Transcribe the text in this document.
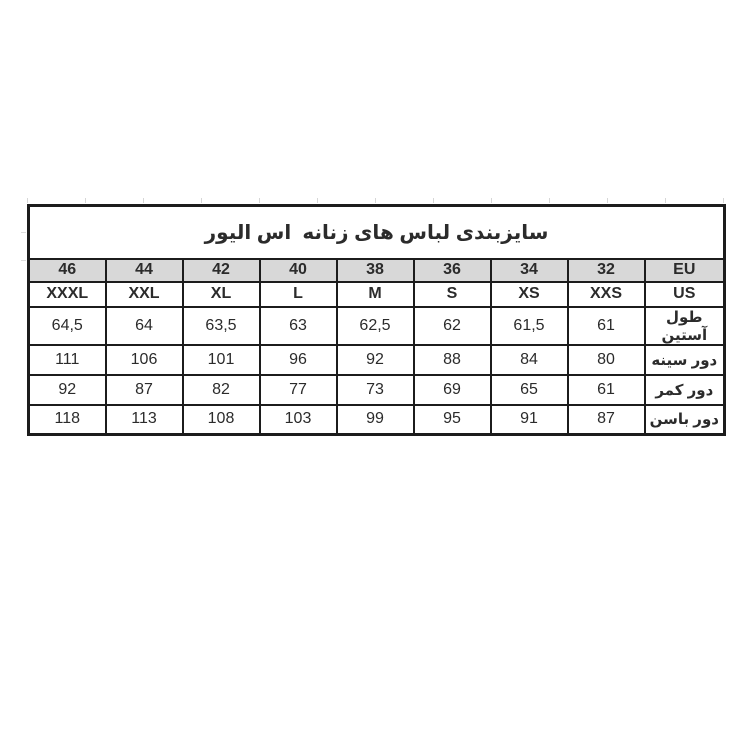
سایزبندی لباس های زنانه  اس الیور								
46	44	42	40	38	36	34	32	EU
XXXL	XXL	XL	L	M	S	XS	XXS	US
64,5	64	63,5	63	62,5	62	61,5	61	طول آستین
111	106	101	96	92	88	84	80	دور سینه
92	87	82	77	73	69	65	61	دور کمر
118	113	108	103	99	95	91	87	دور باسن
